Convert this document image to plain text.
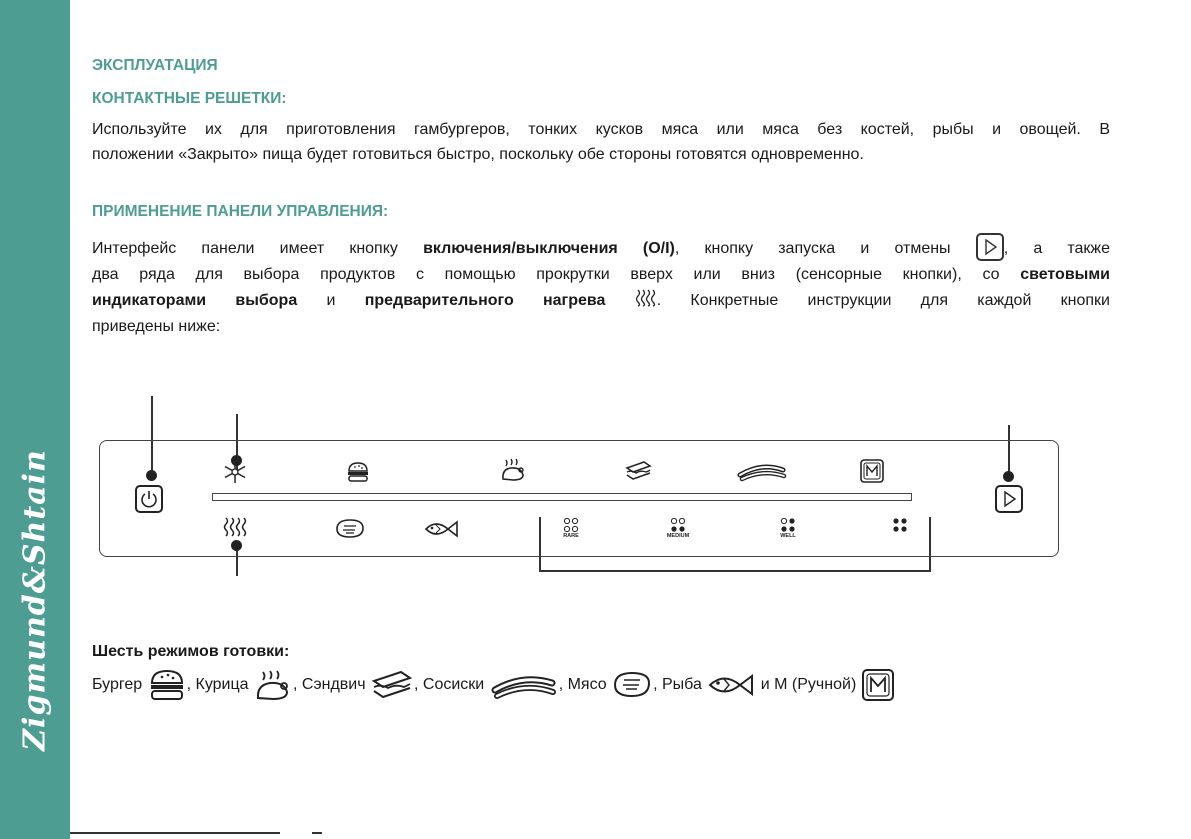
Zigmund&Shtain

ЭКСПЛУАТАЦИЯ

КОНТАКТНЫЕ РЕШЕТКИ:

Используйте их для приготовления гамбургеров, тонких кусков мяса или мяса без костей, рыбы и овощей. В
положении «Закрыто» пища будет готовиться быстро, поскольку обе стороны готовятся одновременно.

ПРИМЕНЕНИЕ ПАНЕЛИ УПРАВЛЕНИЯ:

Интерфейс панели имеет кнопку включения/выключения (O/I), кнопку запуска и отмены
, а также
два ряда для выбора продуктов с помощью прокрутки вверх или вниз (сенсорные кнопки), со световыми
индикаторами выбора и предварительного нагрева	. Конкретные инструкции для каждой кнопки
приведены ниже:
RARE	MEDIUM	WELL

Шесть режимов готовки:

Бургер	, Курица	, Сэндвич	, Сосиски	, Мясо	, Рыба	и M (Ручной)
